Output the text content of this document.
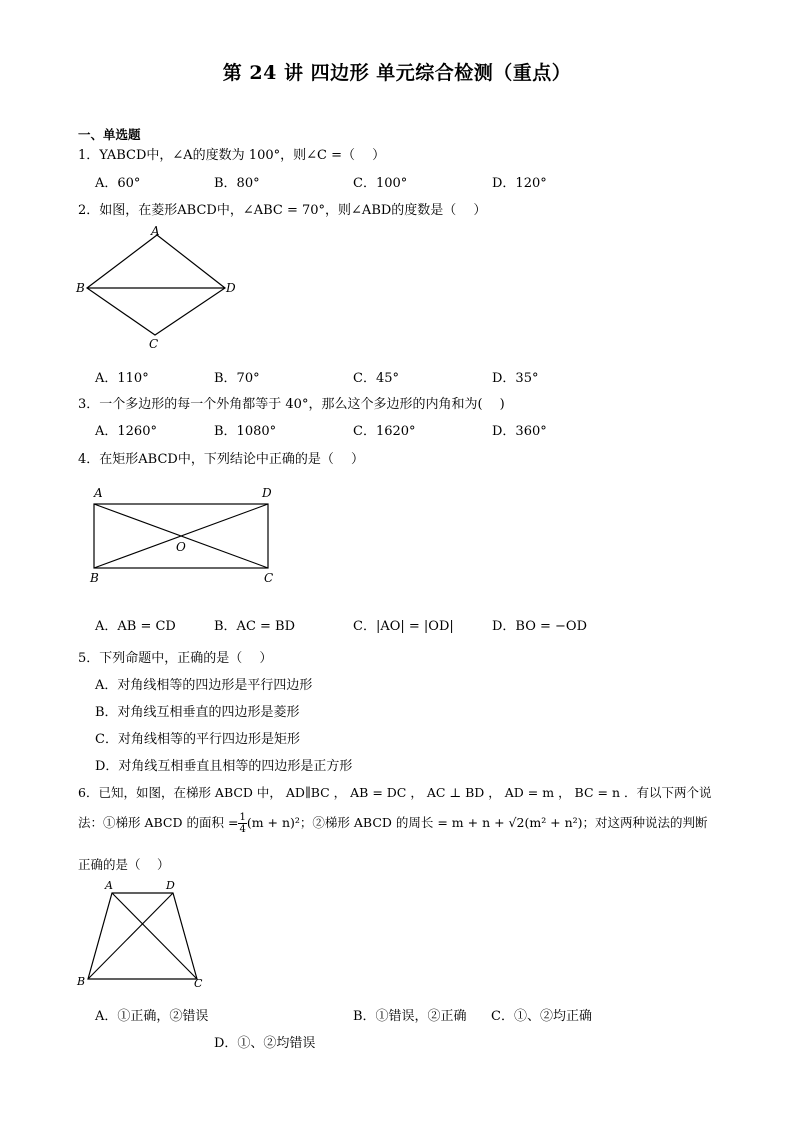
第 24 讲 四边形 单元综合检测（重点）
一、单选题
1．YABCD中，∠A的度数为 100°，则∠C =（　 ）
A．60°	B．80°	C．100°	D．120°
2．如图，在菱形ABCD中，∠ABC = 70°，则∠ABD的度数是（　 ）
A
B
C
D
A．110°	B．70°	C．45°	D．35°
3．一个多边形的每一个外角都等于 40°，那么这个多边形的内角和为(　 )
A．1260°	B．1080°	C．1620°	D．360°
4．在矩形ABCD中，下列结论中正确的是（　 ）
A	D
O
B	C
A．AB = CD	B．AC = BD	C．|AO| = |OD|	D．BO = −OD
5．下列命题中，正确的是（　 ）
A．对角线相等的四边形是平行四边形
B．对角线互相垂直的四边形是菱形
C．对角线相等的平行四边形是矩形
D．对角线互相垂直且相等的四边形是正方形
6．已知，如图，在梯形 ABCD 中， AD∥BC ， AB = DC ， AC ⊥ BD ， AD = m ， BC = n ．有以下两个说
法：①梯形 ABCD 的面积 = $\frac{1}{4} (m + n)^2$；②梯形 ABCD 的周长 = m + n + √2(m² + n²)；对这两种说法的判断
正确的是（　 ）
A	D
B	C
A．①正确，②错误	B．①错误，②正确 C．①、②均正确
D．①、②均错误
